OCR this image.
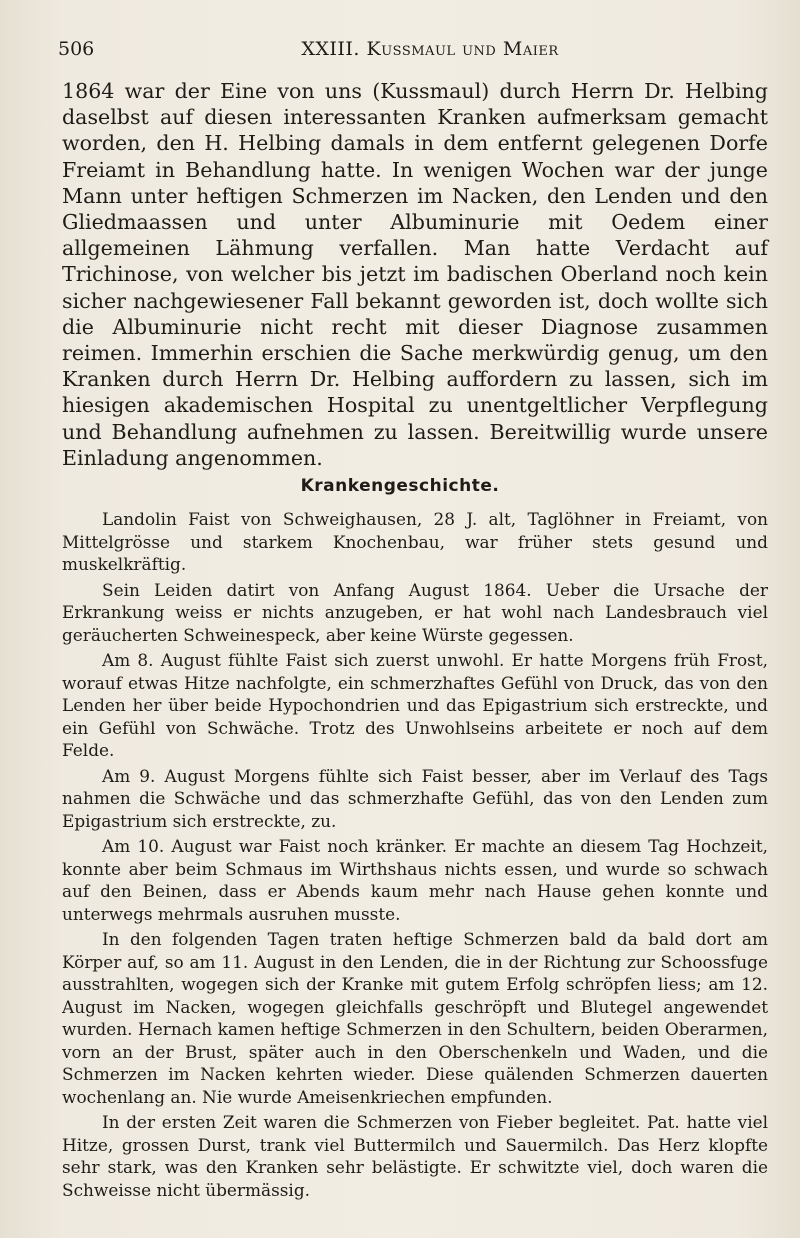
506	XXIII. Kussmaul und Maier

1864 war der Eine von uns (Kussmaul) durch Herrn Dr. Helbing daselbst auf diesen interessanten Kranken aufmerksam gemacht worden, den H. Helbing damals in dem entfernt gelegenen Dorfe Freiamt in Behandlung hatte. In wenigen Wochen war der junge Mann unter heftigen Schmerzen im Nacken, den Lenden und den Gliedmaassen und unter Albuminurie mit Oedem einer allgemeinen Lähmung verfallen. Man hatte Verdacht auf Trichinose, von welcher bis jetzt im badischen Oberland noch kein sicher nachgewiesener Fall bekannt geworden ist, doch wollte sich die Albuminurie nicht recht mit dieser Diagnose zusammen reimen. Immerhin erschien die Sache merkwürdig genug, um den Kranken durch Herrn Dr. Helbing auffordern zu lassen, sich im hiesigen akademischen Hospital zu unentgeltlicher Verpflegung und Behandlung aufnehmen zu lassen. Bereitwillig wurde unsere Einladung angenommen.

Krankengeschichte.

Landolin Faist von Schweighausen, 28 J. alt, Taglöhner in Freiamt, von Mittelgrösse und starkem Knochenbau, war früher stets gesund und muskelkräftig.

Sein Leiden datirt von Anfang August 1864. Ueber die Ursache der Erkrankung weiss er nichts anzugeben, er hat wohl nach Landesbrauch viel geräucherten Schweinespeck, aber keine Würste gegessen.

Am 8. August fühlte Faist sich zuerst unwohl. Er hatte Morgens früh Frost, worauf etwas Hitze nachfolgte, ein schmerzhaftes Gefühl von Druck, das von den Lenden her über beide Hypochondrien und das Epigastrium sich erstreckte, und ein Gefühl von Schwäche. Trotz des Unwohlseins arbeitete er noch auf dem Felde.

Am 9. August Morgens fühlte sich Faist besser, aber im Verlauf des Tags nahmen die Schwäche und das schmerzhafte Gefühl, das von den Lenden zum Epigastrium sich erstreckte, zu.

Am 10. August war Faist noch kränker. Er machte an diesem Tag Hochzeit, konnte aber beim Schmaus im Wirthshaus nichts essen, und wurde so schwach auf den Beinen, dass er Abends kaum mehr nach Hause gehen konnte und unterwegs mehrmals ausruhen musste.

In den folgenden Tagen traten heftige Schmerzen bald da bald dort am Körper auf, so am 11. August in den Lenden, die in der Richtung zur Schoossfuge ausstrahlten, wogegen sich der Kranke mit gutem Erfolg schröpfen liess; am 12. August im Nacken, wogegen gleichfalls geschröpft und Blutegel angewendet wurden. Hernach kamen heftige Schmerzen in den Schultern, beiden Oberarmen, vorn an der Brust, später auch in den Oberschenkeln und Waden, und die Schmerzen im Nacken kehrten wieder. Diese quälenden Schmerzen dauerten wochenlang an. Nie wurde Ameisenkriechen empfunden.

In der ersten Zeit waren die Schmerzen von Fieber begleitet. Pat. hatte viel Hitze, grossen Durst, trank viel Buttermilch und Sauermilch. Das Herz klopfte sehr stark, was den Kranken sehr belästigte. Er schwitzte viel, doch waren die Schweisse nicht übermässig.
